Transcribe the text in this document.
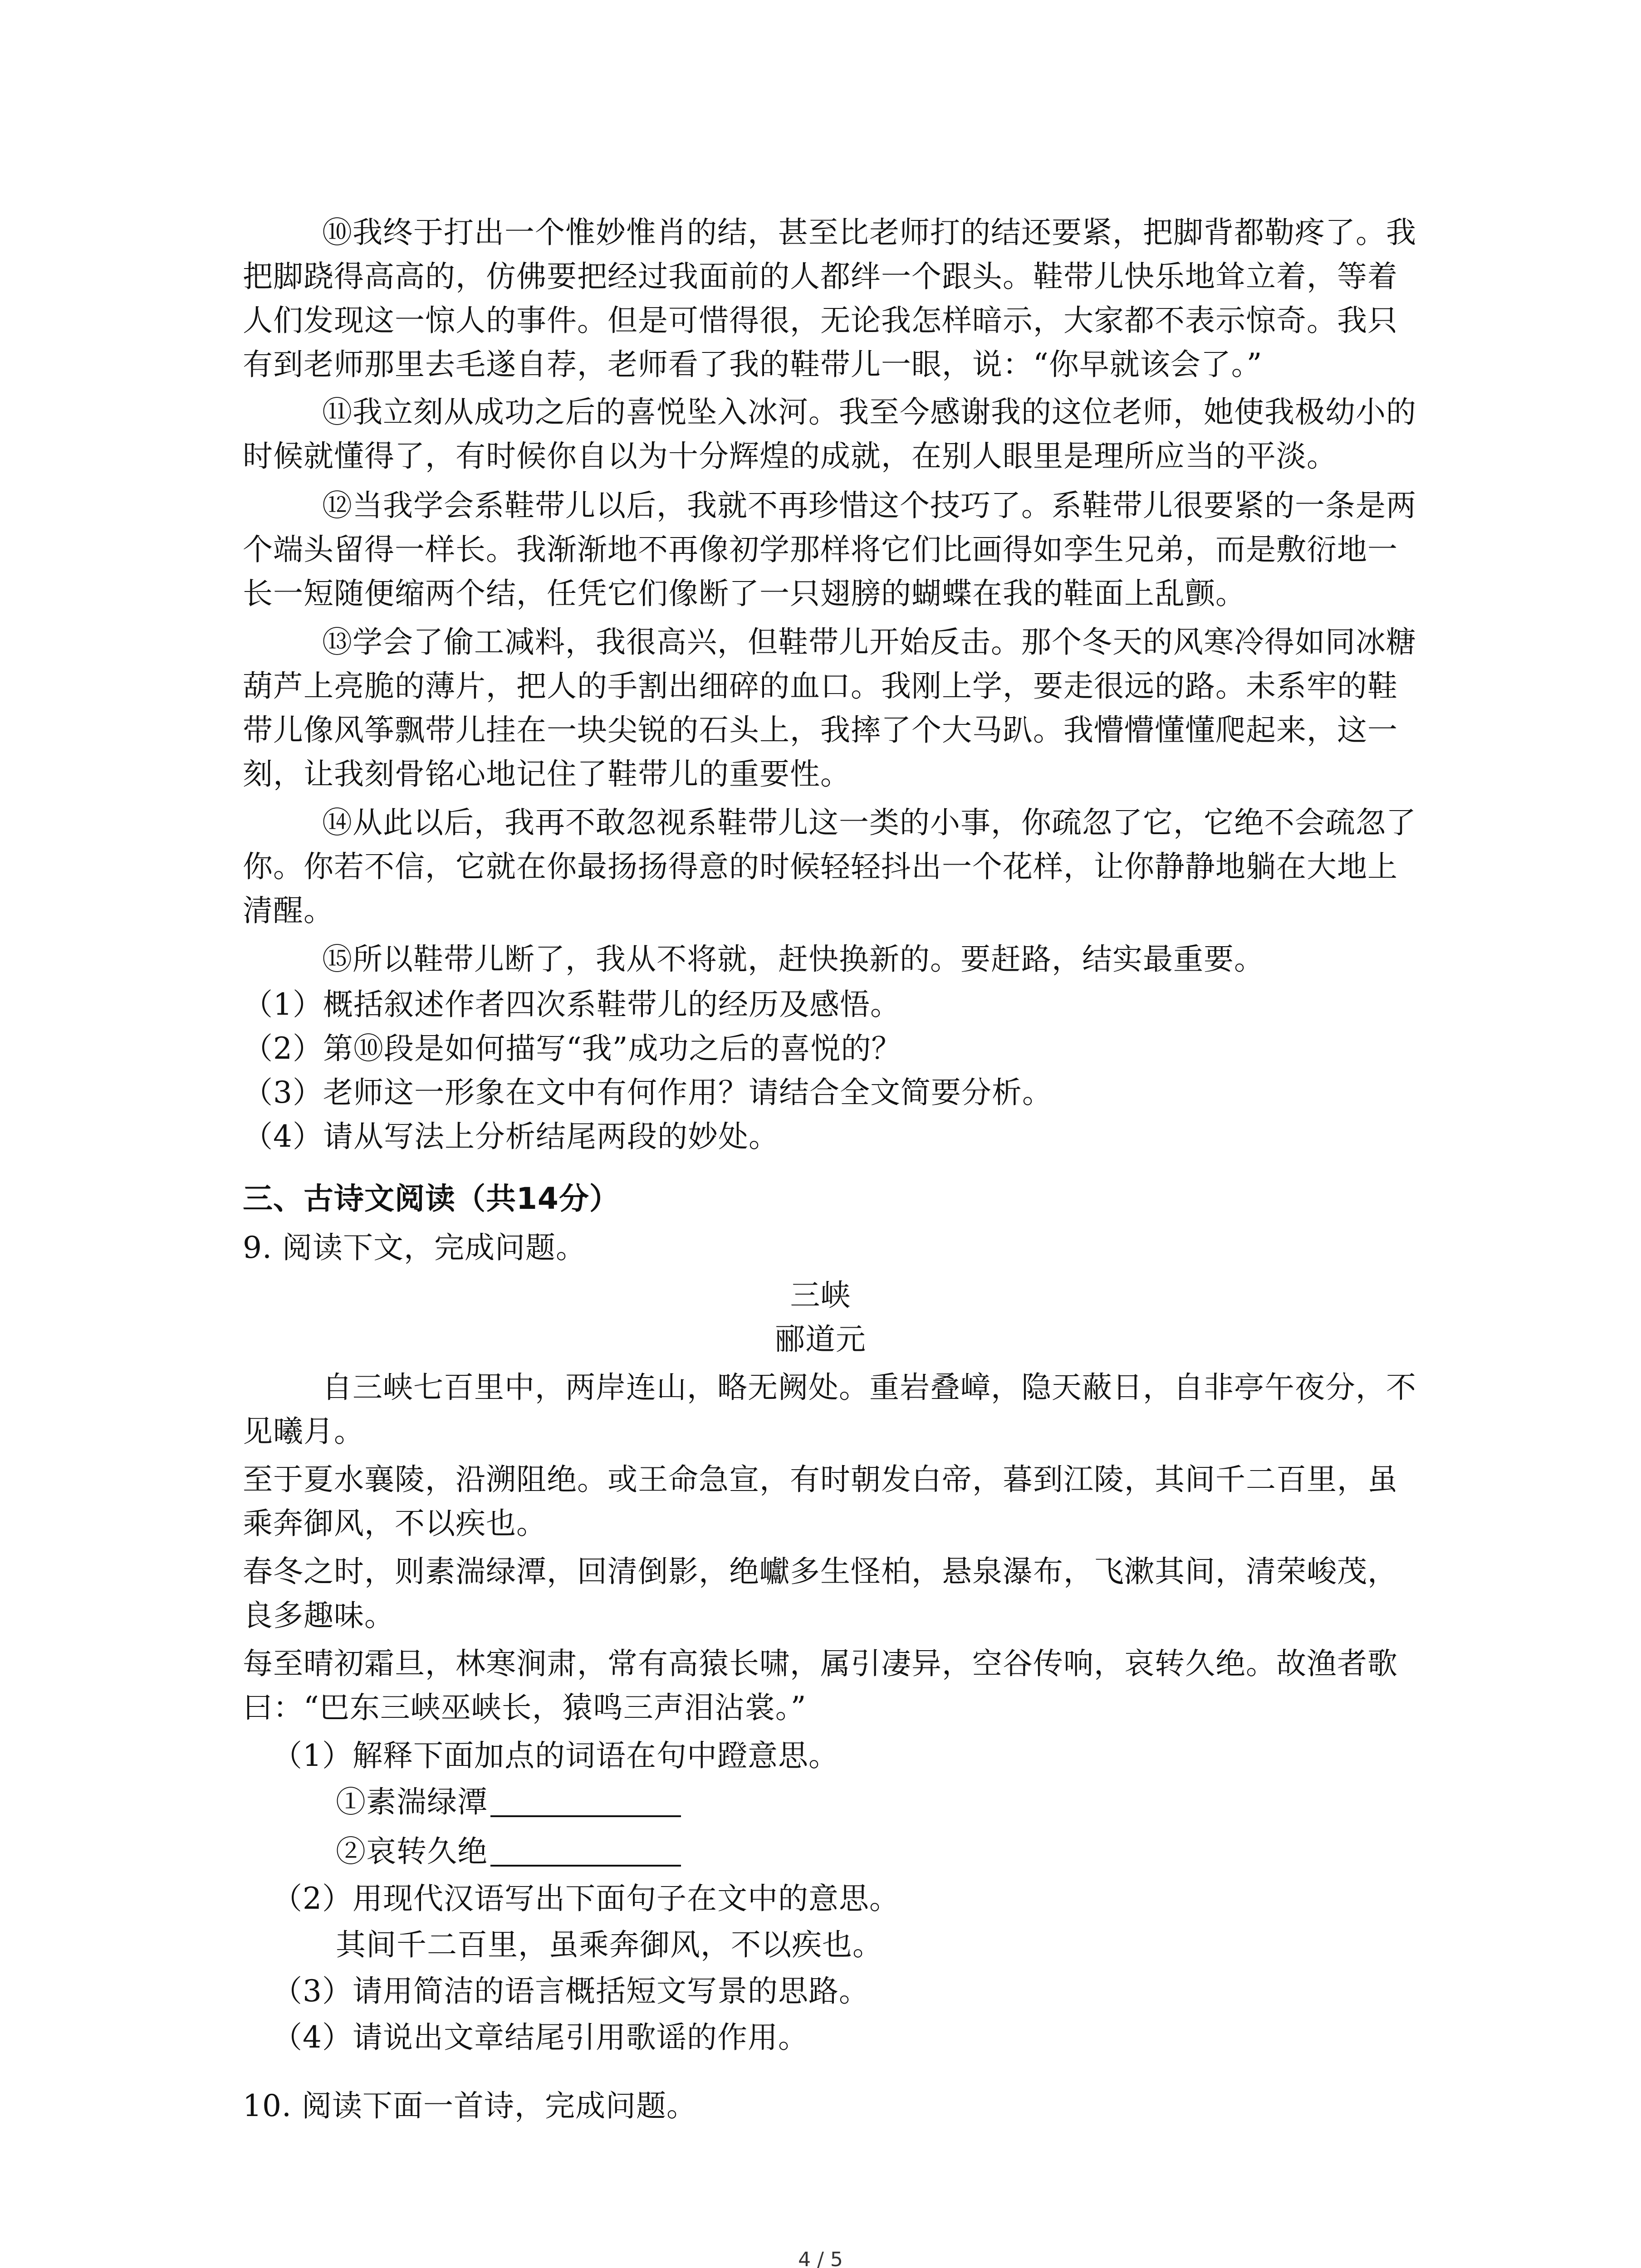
⑩我终于打出一个惟妙惟肖的结，甚至比老师打的结还要紧，把脚背都勒疼了。我
把脚跷得高高的，仿佛要把经过我面前的人都绊一个跟头。鞋带儿快乐地耸立着，等着
人们发现这一惊人的事件。但是可惜得很，无论我怎样暗示，大家都不表示惊奇。我只
有到老师那里去毛遂自荐，老师看了我的鞋带儿一眼，说：“你早就该会了。”
⑪我立刻从成功之后的喜悦坠入冰河。我至今感谢我的这位老师，她使我极幼小的
时候就懂得了，有时候你自以为十分辉煌的成就，在别人眼里是理所应当的平淡。
⑫当我学会系鞋带儿以后，我就不再珍惜这个技巧了。系鞋带儿很要紧的一条是两
个端头留得一样长。我渐渐地不再像初学那样将它们比画得如孪生兄弟，而是敷衍地一
长一短随便缩两个结，任凭它们像断了一只翅膀的蝴蝶在我的鞋面上乱颤。
⑬学会了偷工减料，我很高兴，但鞋带儿开始反击。那个冬天的风寒冷得如同冰糖
葫芦上亮脆的薄片，把人的手割出细碎的血口。我刚上学，要走很远的路。未系牢的鞋
带儿像风筝飘带儿挂在一块尖锐的石头上，我摔了个大马趴。我懵懵懂懂爬起来，这一
刻，让我刻骨铭心地记住了鞋带儿的重要性。
⑭从此以后，我再不敢忽视系鞋带儿这一类的小事，你疏忽了它，它绝不会疏忽了
你。你若不信，它就在你最扬扬得意的时候轻轻抖出一个花样，让你静静地躺在大地上
清醒。
⑮所以鞋带儿断了，我从不将就，赶快换新的。要赶路，结实最重要。
（1）概括叙述作者四次系鞋带儿的经历及感悟。
（2）第⑩段是如何描写“我”成功之后的喜悦的？
（3）老师这一形象在文中有何作用？请结合全文简要分析。
（4）请从写法上分析结尾两段的妙处。
三、古诗文阅读（共14分）
9. 阅读下文，完成问题。
三峡
郦道元
自三峡七百里中，两岸连山，略无阙处。重岩叠嶂，隐天蔽日，自非亭午夜分，不
见曦月。
至于夏水襄陵，沿溯阻绝。或王命急宣，有时朝发白帝，暮到江陵，其间千二百里，虽
乘奔御风，不以疾也。
春冬之时，则素湍绿潭，回清倒影，绝巘多生怪柏，悬泉瀑布，飞漱其间，清荣峻茂，
良多趣味。
每至晴初霜旦，林寒涧肃，常有高猿长啸，属引凄异，空谷传响，哀转久绝。故渔者歌
曰：“巴东三峡巫峡长，猿鸣三声泪沾裳。”
（1）解释下面加点的词语在句中蹬意思。
①素湍绿潭
②哀转久绝
（2）用现代汉语写出下面句子在文中的意思。
其间千二百里，虽乘奔御风，不以疾也。
（3）请用简洁的语言概括短文写景的思路。
（4）请说出文章结尾引用歌谣的作用。
10. 阅读下面一首诗，完成问题。
4 / 5
